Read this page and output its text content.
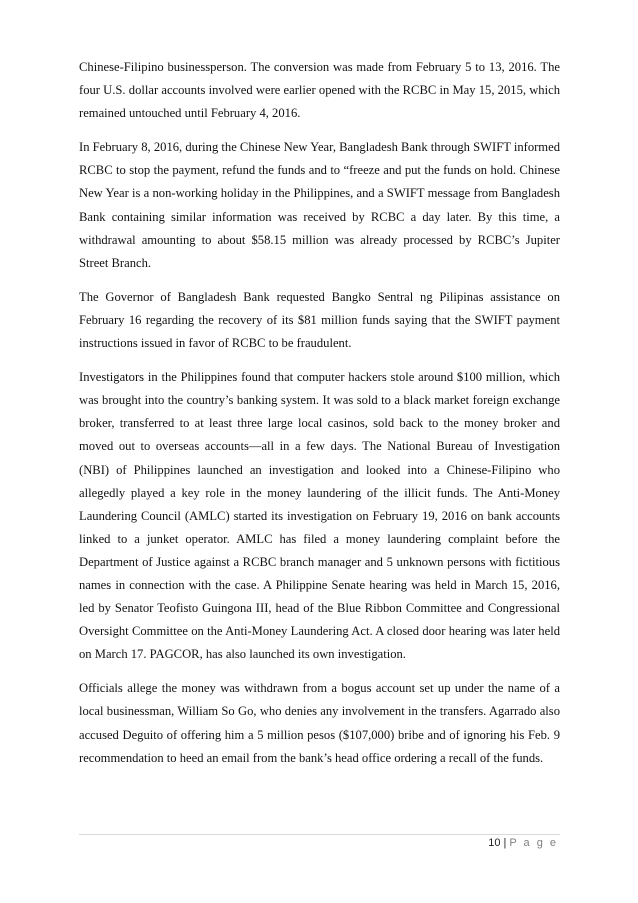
Chinese-Filipino businessperson. The conversion was made from February 5 to 13, 2016. The four U.S. dollar accounts involved were earlier opened with the RCBC in May 15, 2015, which remained untouched until February 4, 2016.

In February 8, 2016, during the Chinese New Year, Bangladesh Bank through SWIFT informed RCBC to stop the payment, refund the funds and to “freeze and put the funds on hold. Chinese New Year is a non-working holiday in the Philippines, and a SWIFT message from Bangladesh Bank containing similar information was received by RCBC a day later. By this time, a withdrawal amounting to about $58.15 million was already processed by RCBC’s Jupiter Street Branch.

The Governor of Bangladesh Bank requested Bangko Sentral ng Pilipinas assistance on February 16 regarding the recovery of its $81 million funds saying that the SWIFT payment instructions issued in favor of RCBC to be fraudulent.

Investigators in the Philippines found that computer hackers stole around $100 million, which was brought into the country’s banking system. It was sold to a black market foreign exchange broker, transferred to at least three large local casinos, sold back to the money broker and moved out to overseas accounts—all in a few days. The National Bureau of Investigation (NBI) of Philippines launched an investigation and looked into a Chinese-Filipino who allegedly played a key role in the money laundering of the illicit funds. The Anti-Money Laundering Council (AMLC) started its investigation on February 19, 2016 on bank accounts linked to a junket operator. AMLC has filed a money laundering complaint before the Department of Justice against a RCBC branch manager and 5 unknown persons with fictitious names in connection with the case. A Philippine Senate hearing was held in March 15, 2016, led by Senator Teofisto Guingona III, head of the Blue Ribbon Committee and Congressional Oversight Committee on the Anti-Money Laundering Act. A closed door hearing was later held on March 17. PAGCOR, has also launched its own investigation.

Officials allege the money was withdrawn from a bogus account set up under the name of a local businessman, William So Go, who denies any involvement in the transfers. Agarrado also accused Deguito of offering him a 5 million pesos ($107,000) bribe and of ignoring his Feb. 9 recommendation to heed an email from the bank’s head office ordering a recall of the funds.

10 | P a g e
